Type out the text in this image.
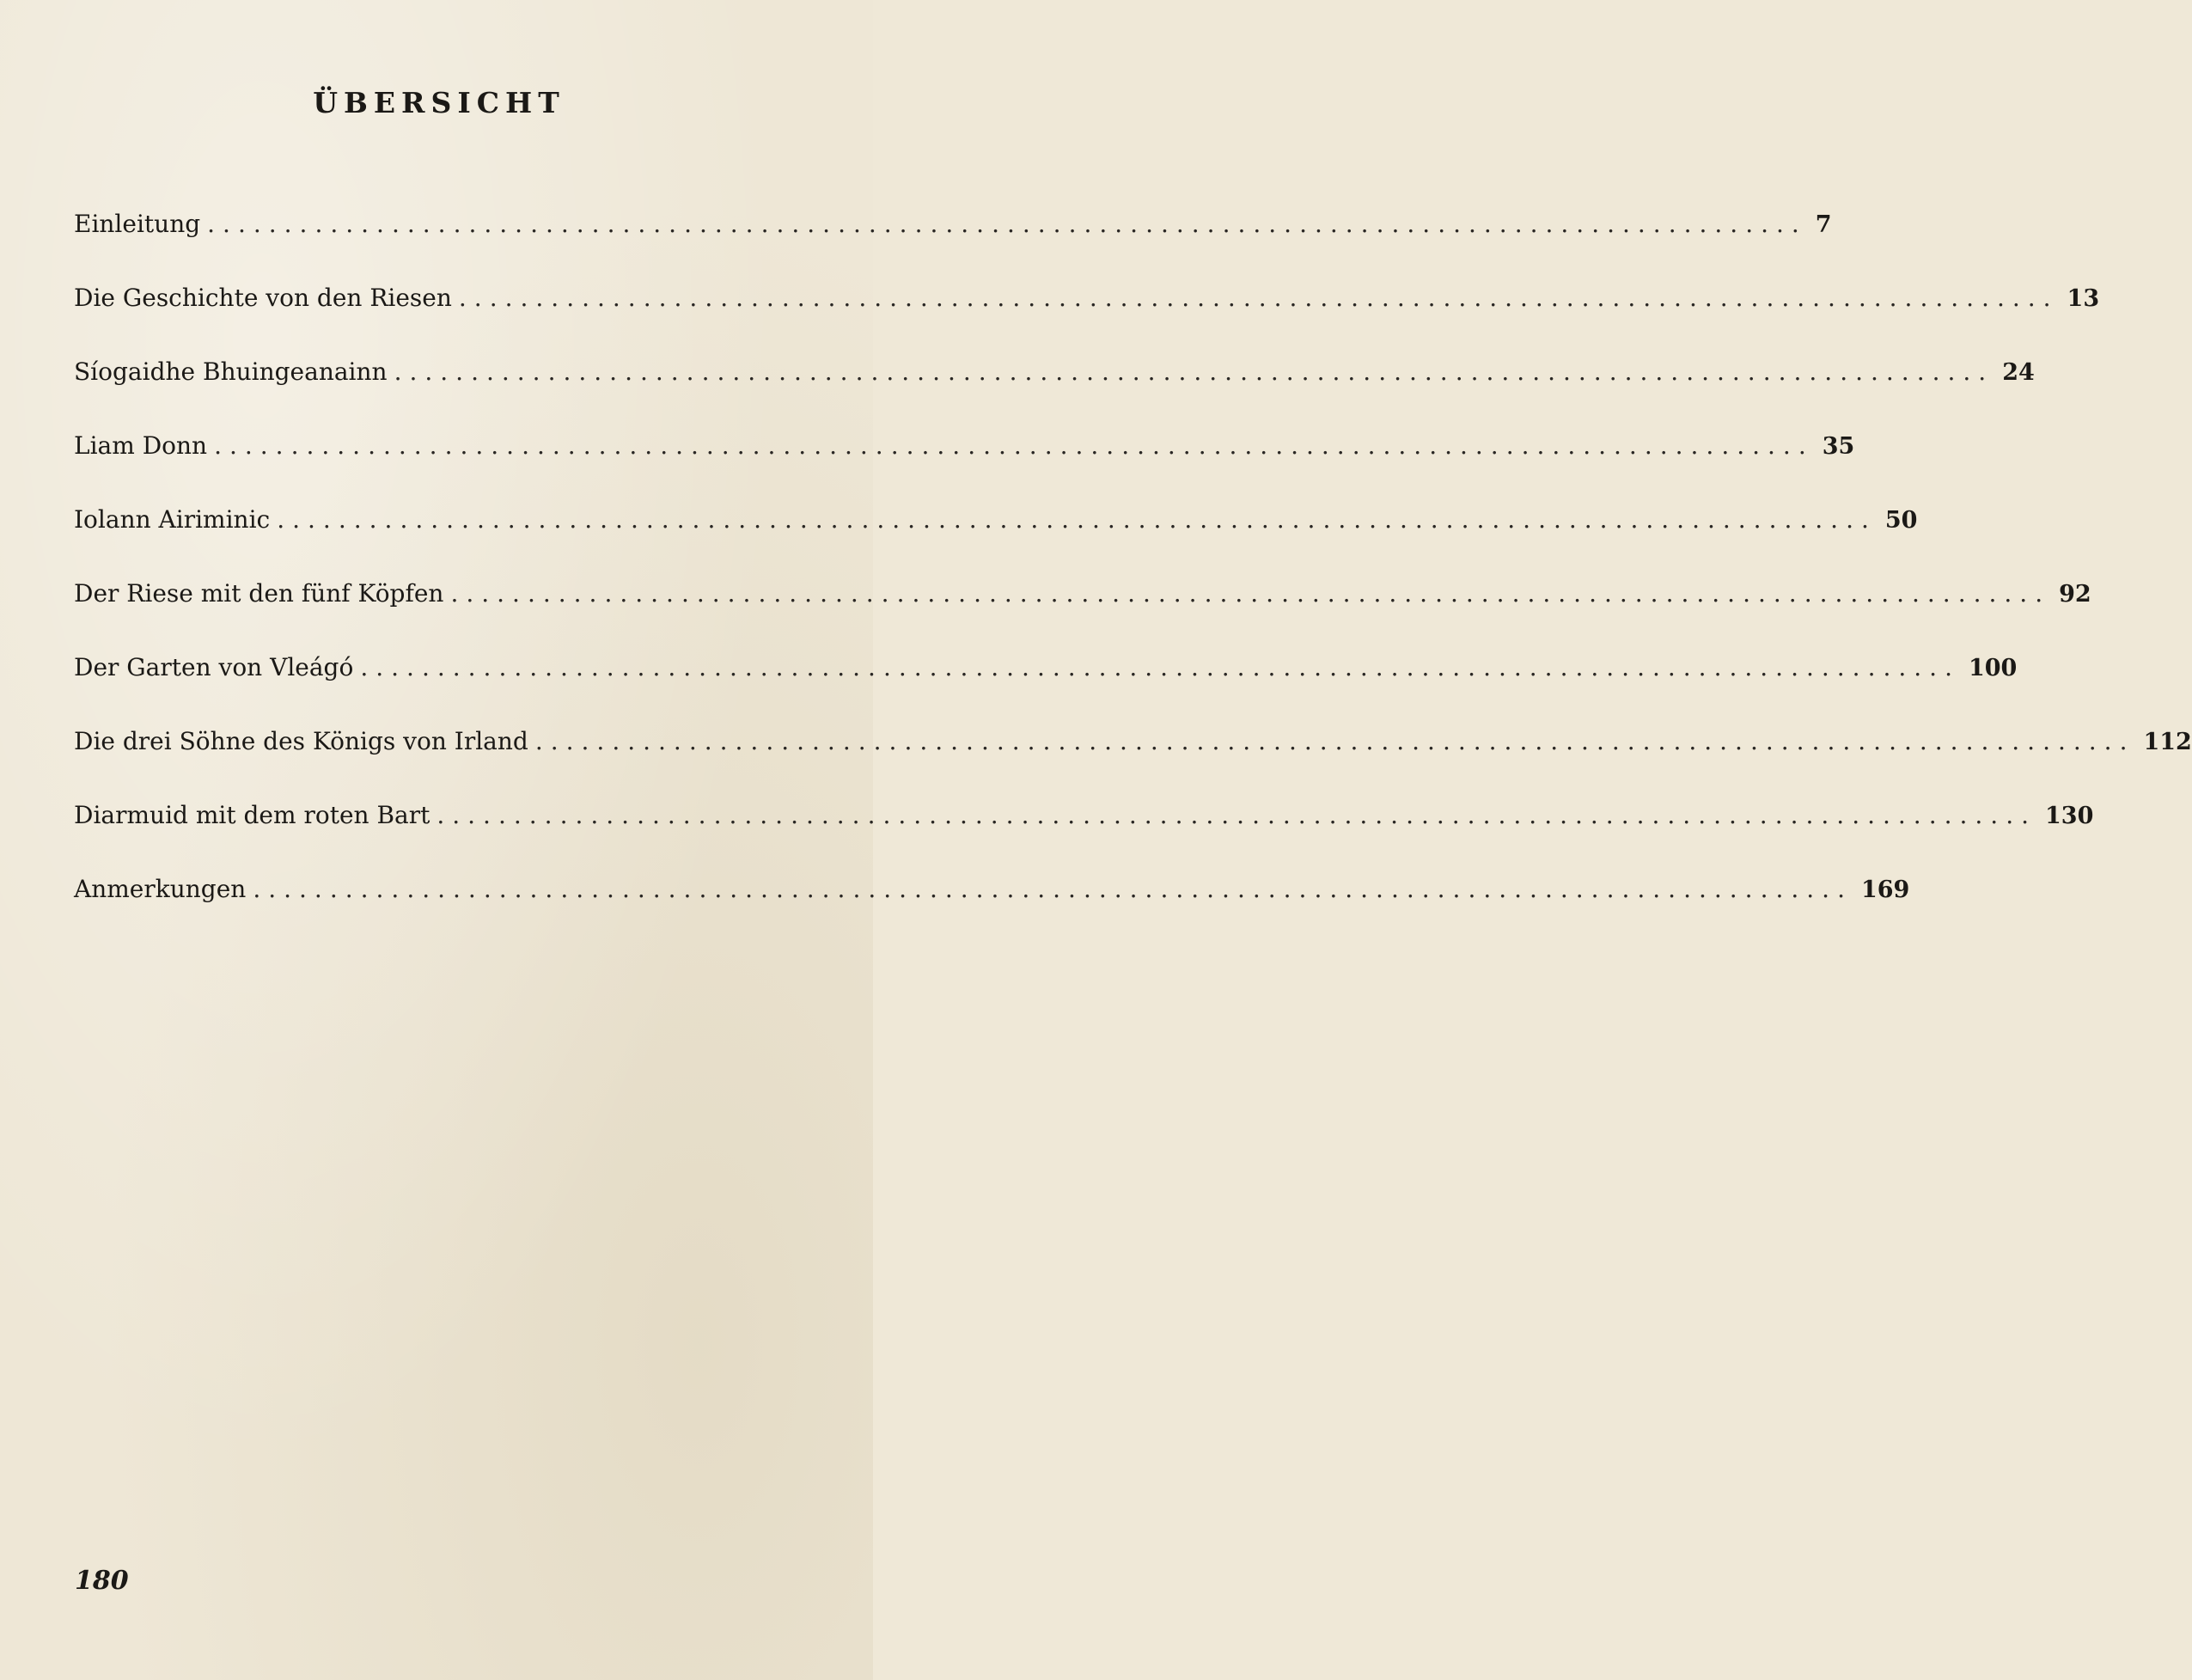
ÜBERSICHT
Einleitung ........................................................................................................ 7
Die Geschichte von den Riesen ........................................................................................................ 13
Síogaidhe Bhuingeanainn ........................................................................................................ 24
Liam Donn ........................................................................................................ 35
Iolann Airiminic ........................................................................................................ 50
Der Riese mit den fünf Köpfen ........................................................................................................ 92
Der Garten von Vleágó ........................................................................................................ 100
Die drei Söhne des Königs von Irland ........................................................................................................ 112
Diarmuid mit dem roten Bart ........................................................................................................ 130
Anmerkungen ........................................................................................................ 169
180
